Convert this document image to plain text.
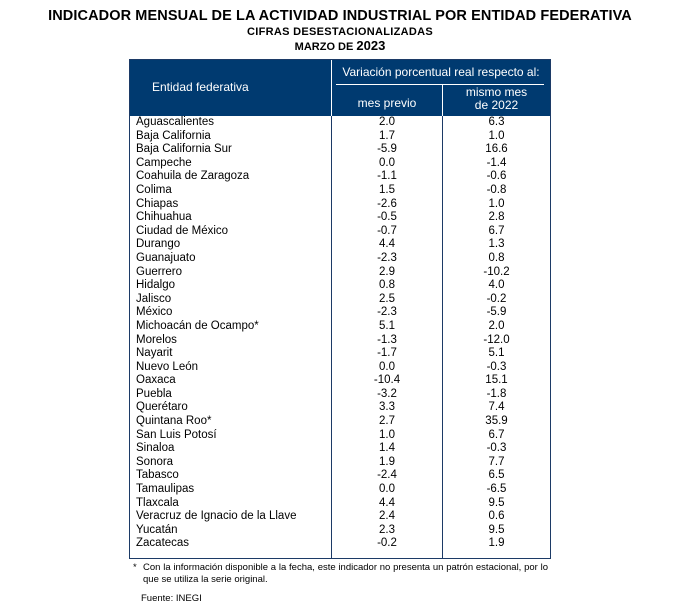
INDICADOR MENSUAL DE LA ACTIVIDAD INDUSTRIAL POR ENTIDAD FEDERATIVA
CIFRAS DESESTACIONALIZADAS
MARZO DE 2023
Entidad federativa
Variación porcentual real respecto al:
mes previo
mismo mes
de 2022
Aguascalientes	2.0	6.3
Baja California	1.7	1.0
Baja California Sur	-5.9	16.6
Campeche	0.0	-1.4
Coahuila de Zaragoza	-1.1	-0.6
Colima	1.5	-0.8
Chiapas	-2.6	1.0
Chihuahua	-0.5	2.8
Ciudad de México	-0.7	6.7
Durango	4.4	1.3
Guanajuato	-2.3	0.8
Guerrero	2.9	-10.2
Hidalgo	0.8	4.0
Jalisco	2.5	-0.2
México	-2.3	-5.9
Michoacán de Ocampo*	5.1	2.0
Morelos	-1.3	-12.0
Nayarit	-1.7	5.1
Nuevo León	0.0	-0.3
Oaxaca	-10.4	15.1
Puebla	-3.2	-1.8
Querétaro	3.3	7.4
Quintana Roo*	2.7	35.9
San Luis Potosí	1.0	6.7
Sinaloa	1.4	-0.3
Sonora	1.9	7.7
Tabasco	-2.4	6.5
Tamaulipas	0.0	-6.5
Tlaxcala	4.4	9.5
Veracruz de Ignacio de la Llave	2.4	0.6
Yucatán	2.3	9.5
Zacatecas	-0.2	1.9
* Con la información disponible a la fecha, este indicador no presenta un patrón estacional, por lo que se utiliza la serie original.
Fuente: INEGI
